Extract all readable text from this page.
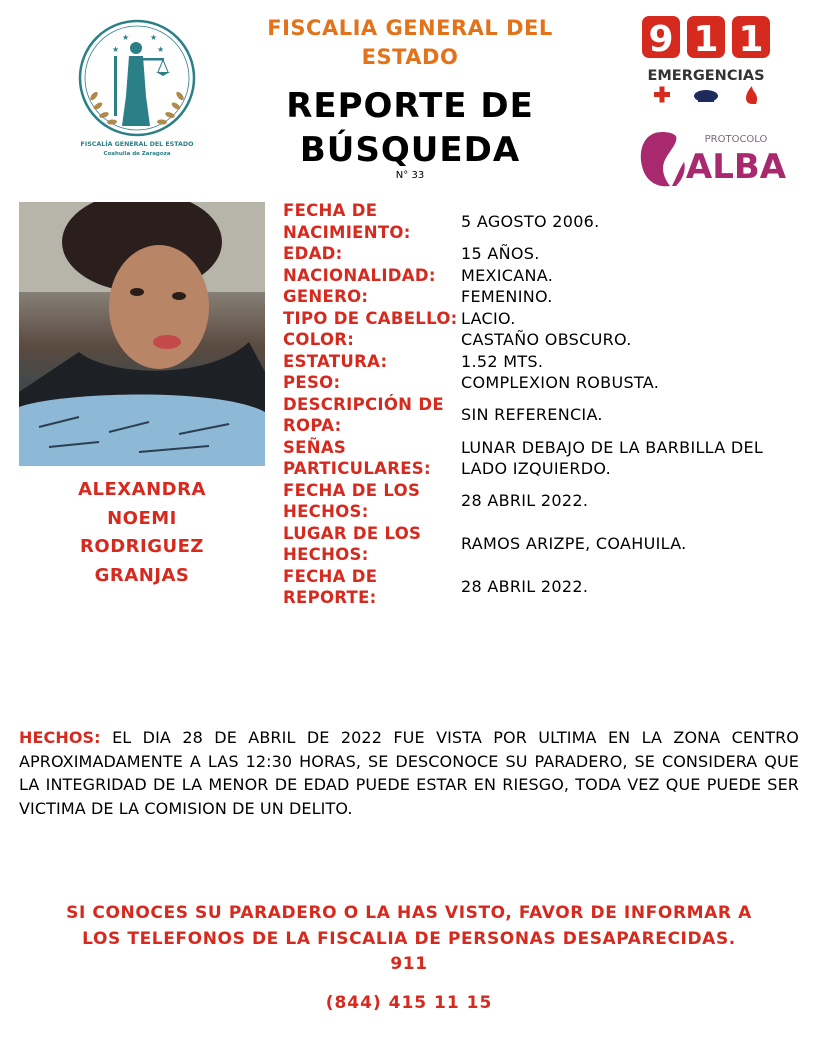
FISCALIA GENERAL DEL
ESTADO
REPORTE DE
BÚSQUEDA
N° 33
★
★	★
★
FISCALÍA GENERAL DEL ESTADO
Coahuila de Zaragoza
9 1 1
EMERGENCIAS
PROTOCOLO
ALBA
ALEXANDRA
NOEMI
RODRIGUEZ
GRANJAS
FECHA DE NACIMIENTO:
5 AGOSTO 2006.
EDAD:	15 AÑOS.
NACIONALIDAD:	MEXICANA.
GENERO:	FEMENINO.
TIPO DE CABELLO: LACIO.
COLOR:	CASTAÑO OBSCURO.
ESTATURA:	1.52 MTS.
PESO:	COMPLEXION ROBUSTA.
DESCRIPCIÓN DE ROPA:
SIN REFERENCIA.
SEÑAS PARTICULARES:
LUNAR DEBAJO DE LA BARBILLA DEL LADO IZQUIERDO.
FECHA DE LOS HECHOS:
28 ABRIL 2022.
LUGAR DE LOS HECHOS:
RAMOS ARIZPE, COAHUILA.
FECHA DE REPORTE:
28 ABRIL 2022.
HECHOS: EL DIA 28 DE ABRIL DE 2022 FUE VISTA POR ULTIMA EN LA ZONA CENTRO APROXIMADAMENTE A LAS 12:30 HORAS, SE DESCONOCE SU PARADERO, SE CONSIDERA QUE LA INTEGRIDAD DE LA MENOR DE EDAD PUEDE ESTAR EN RIESGO, TODA VEZ QUE PUEDE SER VICTIMA DE LA COMISION DE UN DELITO.
SI CONOCES SU PARADERO O LA HAS VISTO, FAVOR DE INFORMAR A
LOS TELEFONOS DE LA FISCALIA DE PERSONAS DESAPARECIDAS.
911
(844) 415 11 15
